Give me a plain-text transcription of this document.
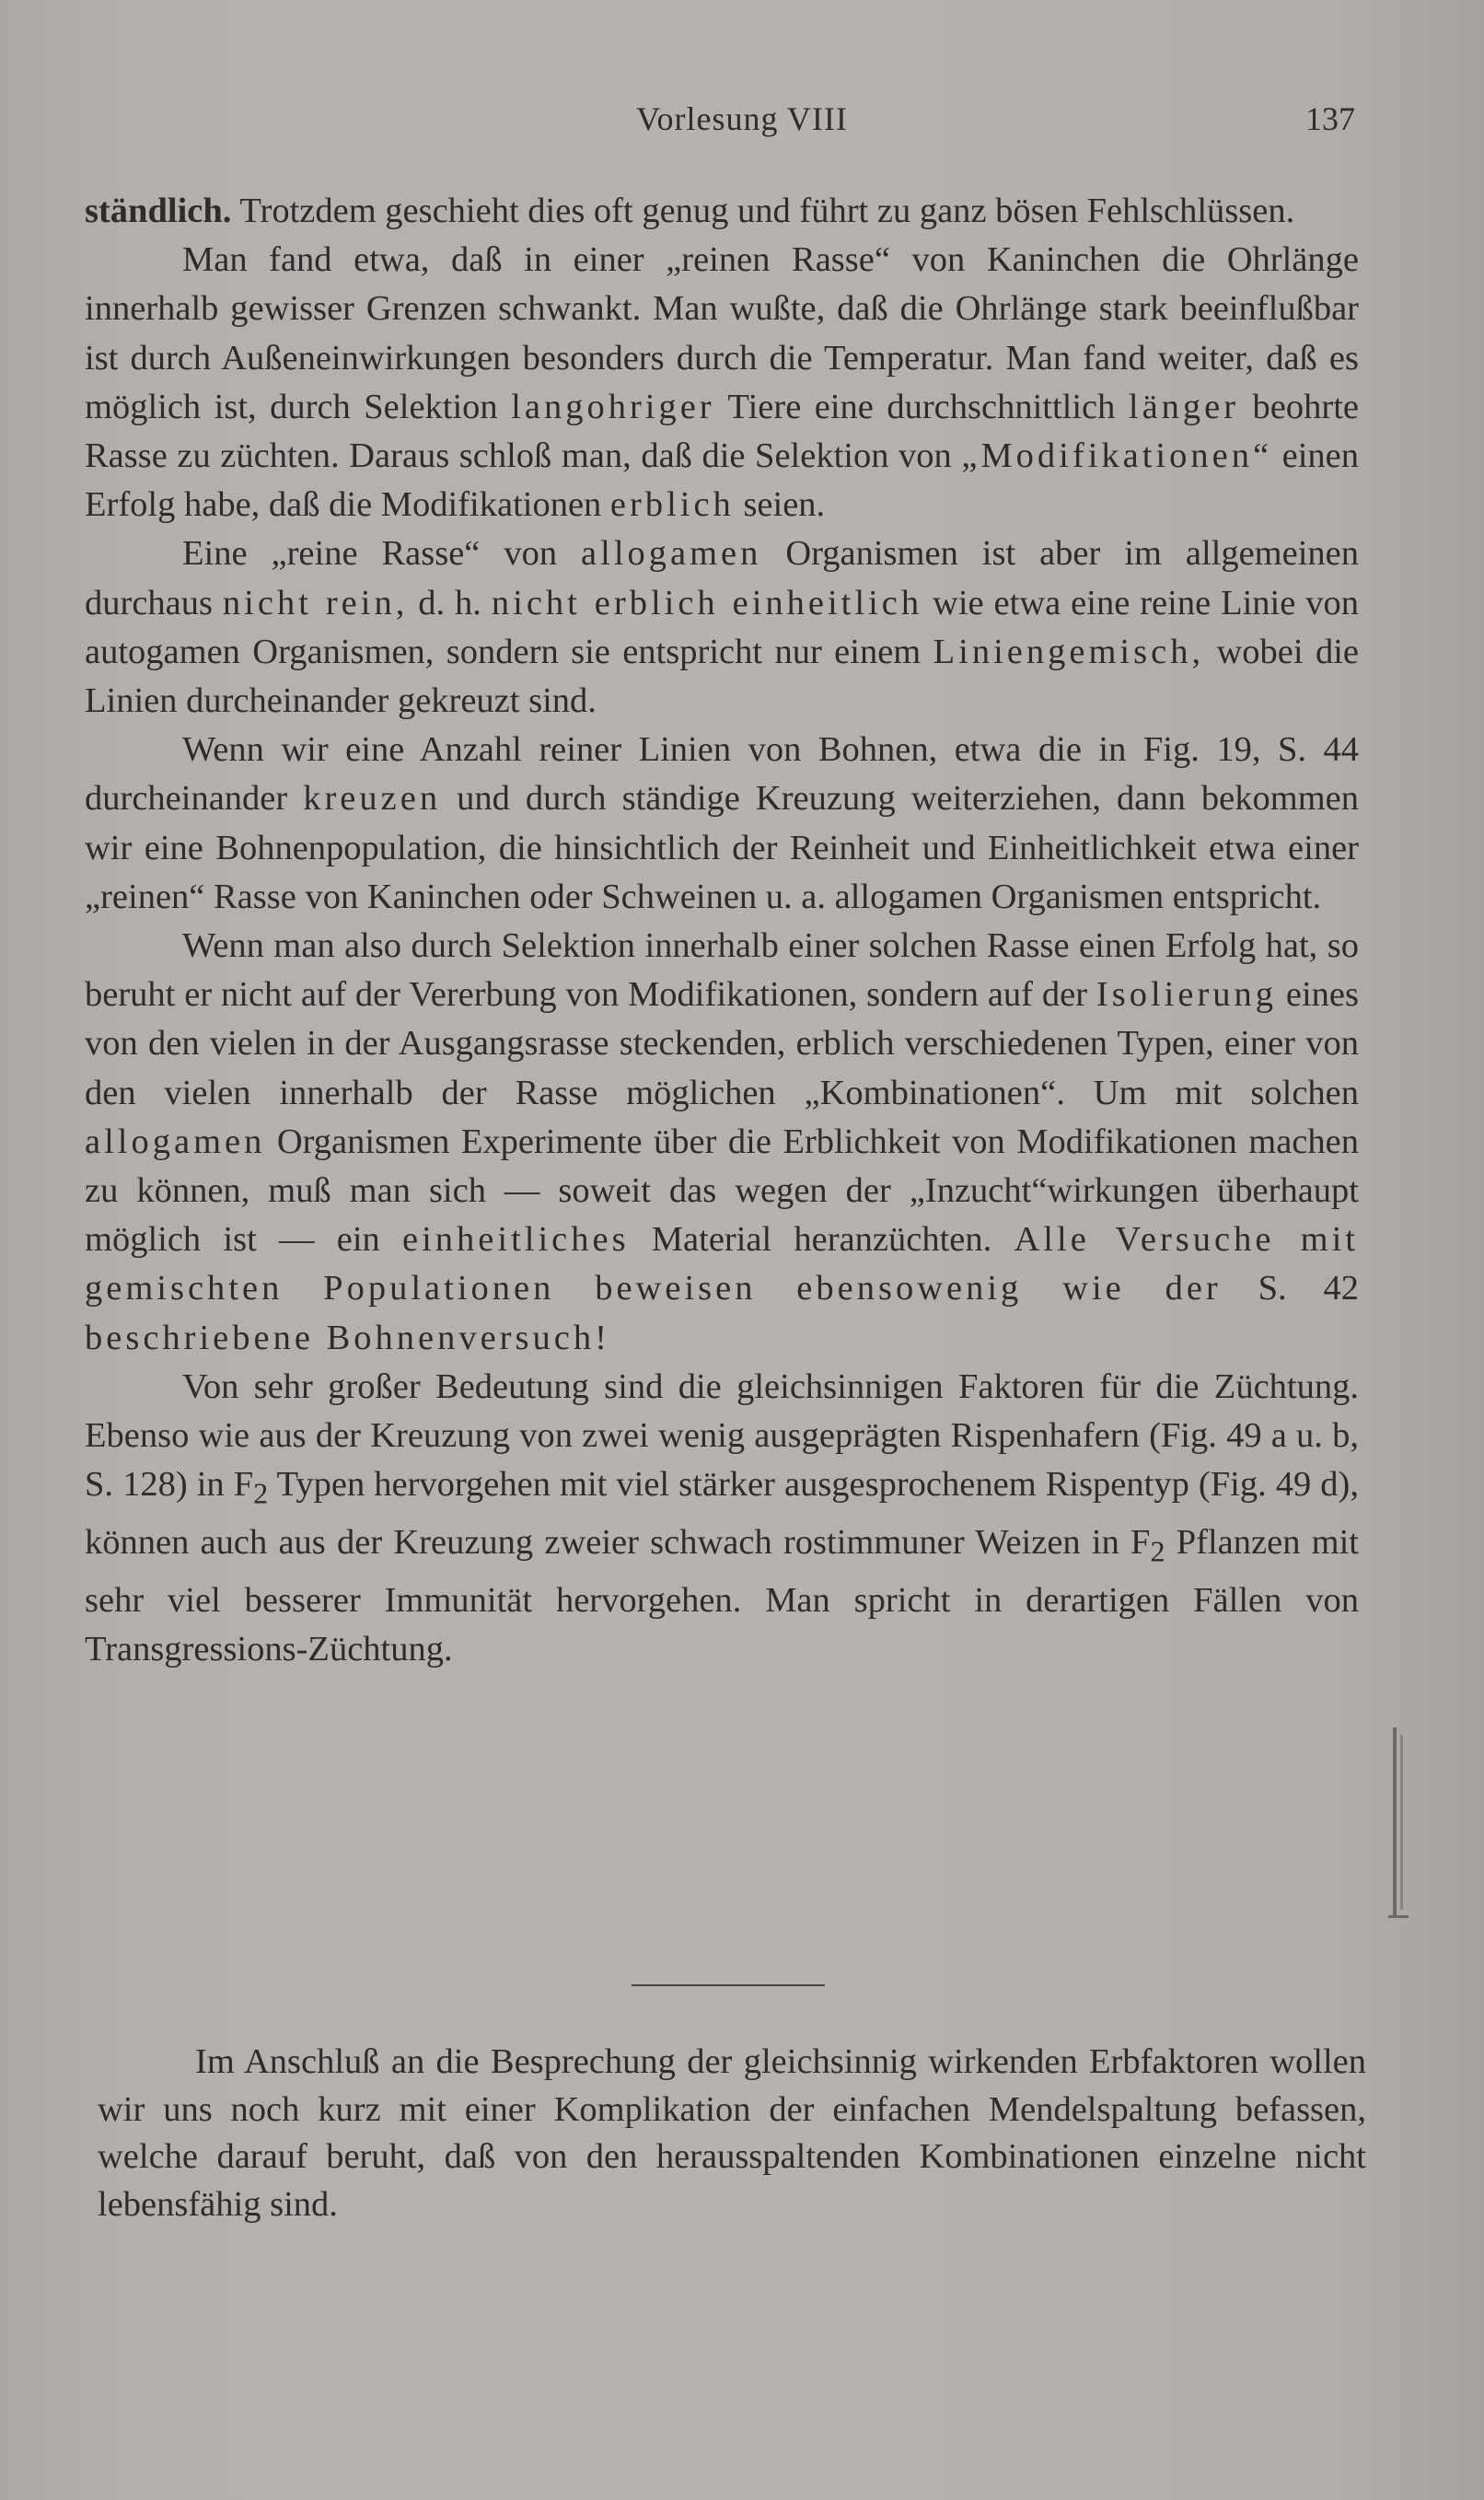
Vorlesung VIII	137

ständlich. Trotzdem geschieht dies oft genug und führt zu ganz bösen Fehlschlüssen.

Man fand etwa, daß in einer „reinen Rasse“ von Kaninchen die Ohrlänge innerhalb gewisser Grenzen schwankt. Man wußte, daß die Ohrlänge stark beeinflußbar ist durch Außeneinwirkungen besonders durch die Temperatur. Man fand weiter, daß es möglich ist, durch Selektion langohriger Tiere eine durchschnittlich länger beohrte Rasse zu züchten. Daraus schloß man, daß die Selektion von „Modifikationen“ einen Erfolg habe, daß die Modifikationen erblich seien.

Eine „reine Rasse“ von allogamen Organismen ist aber im allgemeinen durchaus nicht rein, d. h. nicht erblich einheitlich wie etwa eine reine Linie von autogamen Organismen, sondern sie entspricht nur einem Liniengemisch, wobei die Linien durcheinander gekreuzt sind.

Wenn wir eine Anzahl reiner Linien von Bohnen, etwa die in Fig. 19, S. 44 durcheinander kreuzen und durch ständige Kreuzung weiterziehen, dann bekommen wir eine Bohnenpopulation, die hinsichtlich der Reinheit und Einheitlichkeit etwa einer „reinen“ Rasse von Kaninchen oder Schweinen u. a. allogamen Organismen entspricht.

Wenn man also durch Selektion innerhalb einer solchen Rasse einen Erfolg hat, so beruht er nicht auf der Vererbung von Modifikationen, sondern auf der Isolierung eines von den vielen in der Ausgangsrasse steckenden, erblich verschiedenen Typen, einer von den vielen innerhalb der Rasse möglichen „Kombinationen“. Um mit solchen allogamen Organismen Experimente über die Erblichkeit von Modifikationen machen zu können, muß man sich — soweit das wegen der „Inzucht“wirkungen überhaupt möglich ist — ein einheitliches Material heranzüchten. Alle Versuche mit gemischten Populationen beweisen ebensowenig wie der S. 42 beschriebene Bohnenversuch!

Von sehr großer Bedeutung sind die gleichsinnigen Faktoren für die Züchtung. Ebenso wie aus der Kreuzung von zwei wenig ausgeprägten Rispenhafern (Fig. 49 a u. b, S. 128) in $F_2$ Typen hervorgehen mit viel stärker ausgesprochenem Rispentyp (Fig. 49 d), können auch aus der Kreuzung zweier schwach rostimmuner Weizen in $F_2$ Pflanzen mit sehr viel besserer Immunität hervorgehen. Man spricht in derartigen Fällen von Transgressions-Züchtung.

Im Anschluß an die Besprechung der gleichsinnig wirkenden Erbfaktoren wollen wir uns noch kurz mit einer Komplikation der einfachen Mendelspaltung befassen, welche darauf beruht, daß von den herausspaltenden Kombinationen einzelne nicht lebensfähig sind.
